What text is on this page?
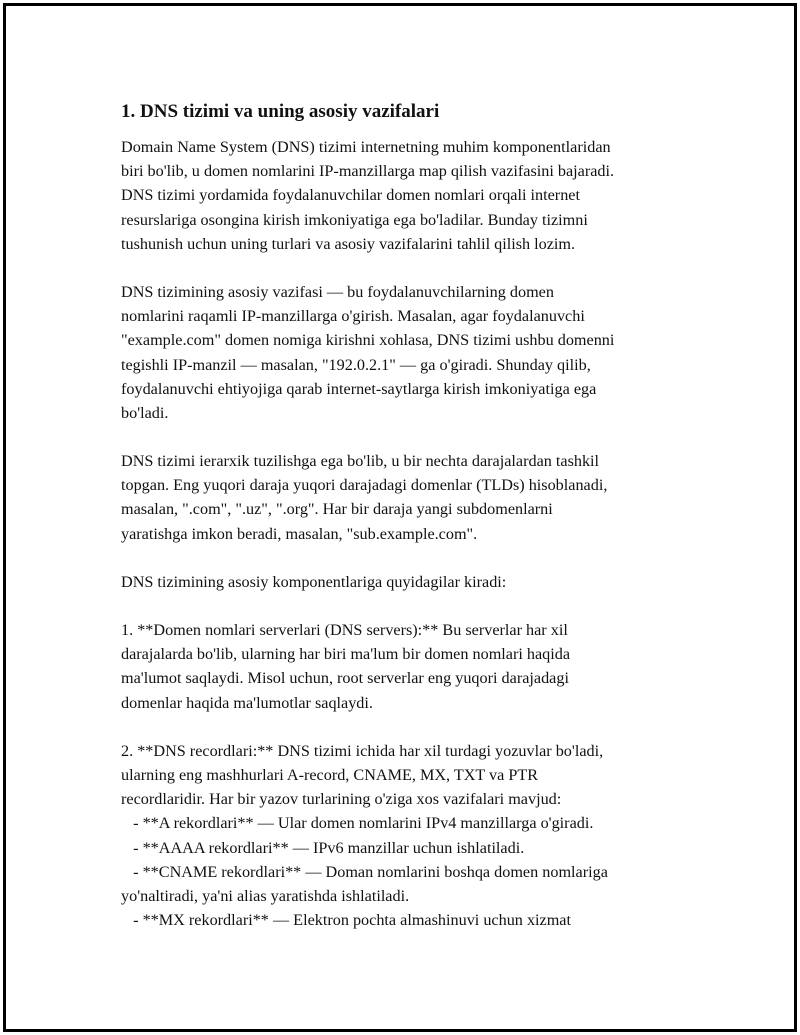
1. DNS tizimi va uning asosiy vazifalari
Domain Name System (DNS) tizimi internetning muhim komponentlaridan
biri bo'lib, u domen nomlarini IP-manzillarga map qilish vazifasini bajaradi.
DNS tizimi yordamida foydalanuvchilar domen nomlari orqali internet
resurslariga osongina kirish imkoniyatiga ega bo'ladilar. Bunday tizimni
tushunish uchun uning turlari va asosiy vazifalarini tahlil qilish lozim.
DNS tizimining asosiy vazifasi — bu foydalanuvchilarning domen
nomlarini raqamli IP-manzillarga o'girish. Masalan, agar foydalanuvchi
"example.com" domen nomiga kirishni xohlasa, DNS tizimi ushbu domenni
tegishli IP-manzil — masalan, "192.0.2.1" — ga o'giradi. Shunday qilib,
foydalanuvchi ehtiyojiga qarab internet-saytlarga kirish imkoniyatiga ega
bo'ladi.
DNS tizimi ierarxik tuzilishga ega bo'lib, u bir nechta darajalardan tashkil
topgan. Eng yuqori daraja yuqori darajadagi domenlar (TLDs) hisoblanadi,
masalan, ".com", ".uz", ".org". Har bir daraja yangi subdomenlarni
yaratishga imkon beradi, masalan, "sub.example.com".
DNS tizimining asosiy komponentlariga quyidagilar kiradi:
1. **Domen nomlari serverlari (DNS servers):** Bu serverlar har xil
darajalarda bo'lib, ularning har biri ma'lum bir domen nomlari haqida
ma'lumot saqlaydi. Misol uchun, root serverlar eng yuqori darajadagi
domenlar haqida ma'lumotlar saqlaydi.
2. **DNS recordlari:** DNS tizimi ichida har xil turdagi yozuvlar bo'ladi,
ularning eng mashhurlari A-record, CNAME, MX, TXT va PTR
recordlaridir. Har bir yazov turlarining o'ziga xos vazifalari mavjud:
- **A rekordlari** — Ular domen nomlarini IPv4 manzillarga o'giradi.
- **AAAA rekordlari** — IPv6 manzillar uchun ishlatiladi.
- **CNAME rekordlari** — Doman nomlarini boshqa domen nomlariga
yo'naltiradi, ya'ni alias yaratishda ishlatiladi.
- **MX rekordlari** — Elektron pochta almashinuvi uchun xizmat
